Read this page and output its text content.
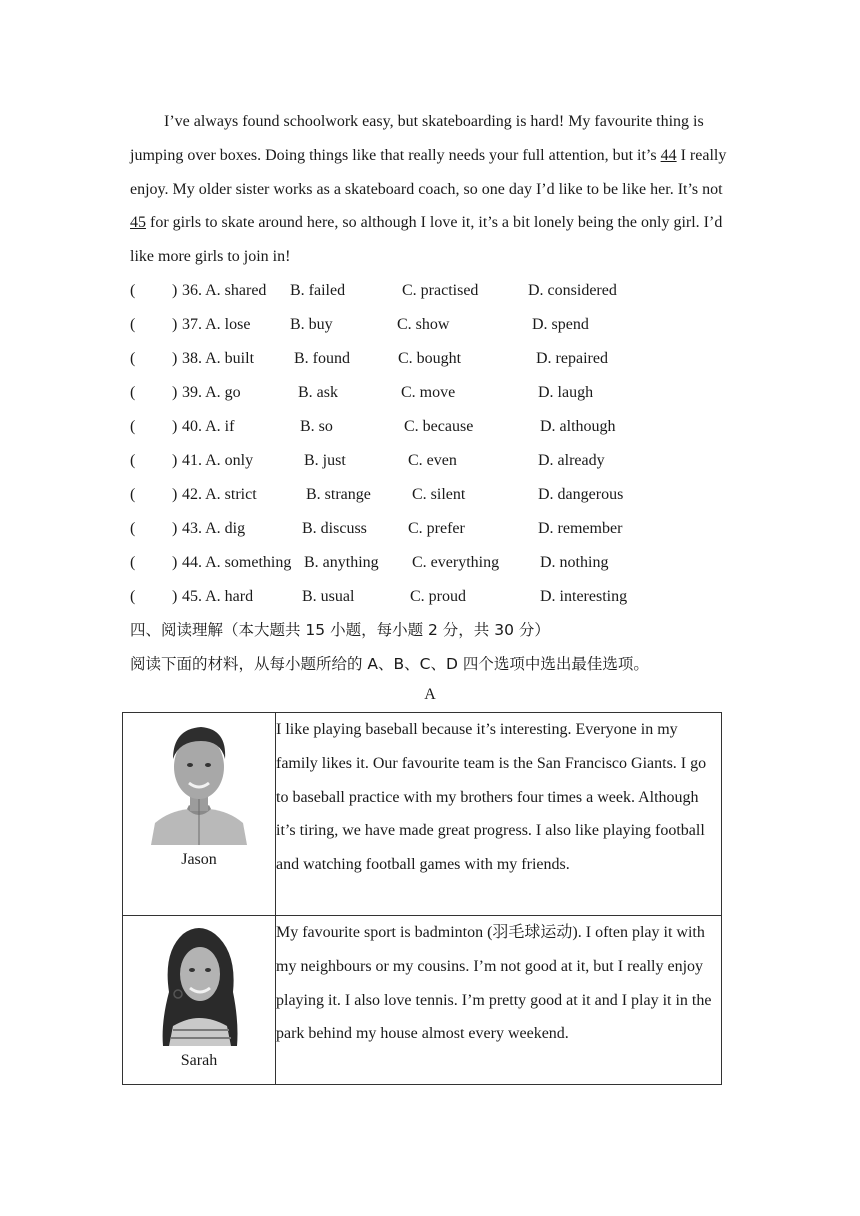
I’ve always found schoolwork easy, but skateboarding is hard! My favourite thing is jumping over boxes. Doing things like that really needs your full attention, but it’s 44 I really enjoy. My older sister works as a skateboard coach, so one day I’d like to be like her. It’s not 45 for girls to skate around here, so although I love it, it’s a bit lonely being the only girl. I’d like more girls to join in!

( ) 36. A. shared B. failed	C. practised	D. considered
( ) 37. A. lose B. buy	C. show	D. spend
( ) 38. A. built B. found	C. bought	D. repaired
( ) 39. A. go	B. ask	C. move	D. laugh
( ) 40. A. if	B. so	C. because	D. although
( ) 41. A. only	B. just	C. even	D. already
( ) 42. A. strict	B. strange	C. silent	D. dangerous
( ) 43. A. dig	B. discuss	C. prefer	D. remember
( ) 44. A. something B. anything C. everything	D. nothing
( ) 45. A. hard	B. usual	C. proud	D. interesting
四、阅读理解（本大题共 15 小题，每小题 2 分，共 30 分）
阅读下面的材料，从每小题所给的 A、B、C、D 四个选项中选出最佳选项。
A
Jason	I like playing baseball because it’s interesting. Everyone in my family likes it. Our favourite team is the San Francisco Giants. I go to baseball practice with my brothers four times a week. Although it’s tiring, we have made great progress. I also like playing football and watching football games with my friends.

Sarah	My favourite sport is badminton (羽毛球运动). I often play it with my neighbours or my cousins. I’m not good at it, but I really enjoy playing it. I also love tennis. I’m pretty good at it and I play it in the park behind my house almost every weekend.
